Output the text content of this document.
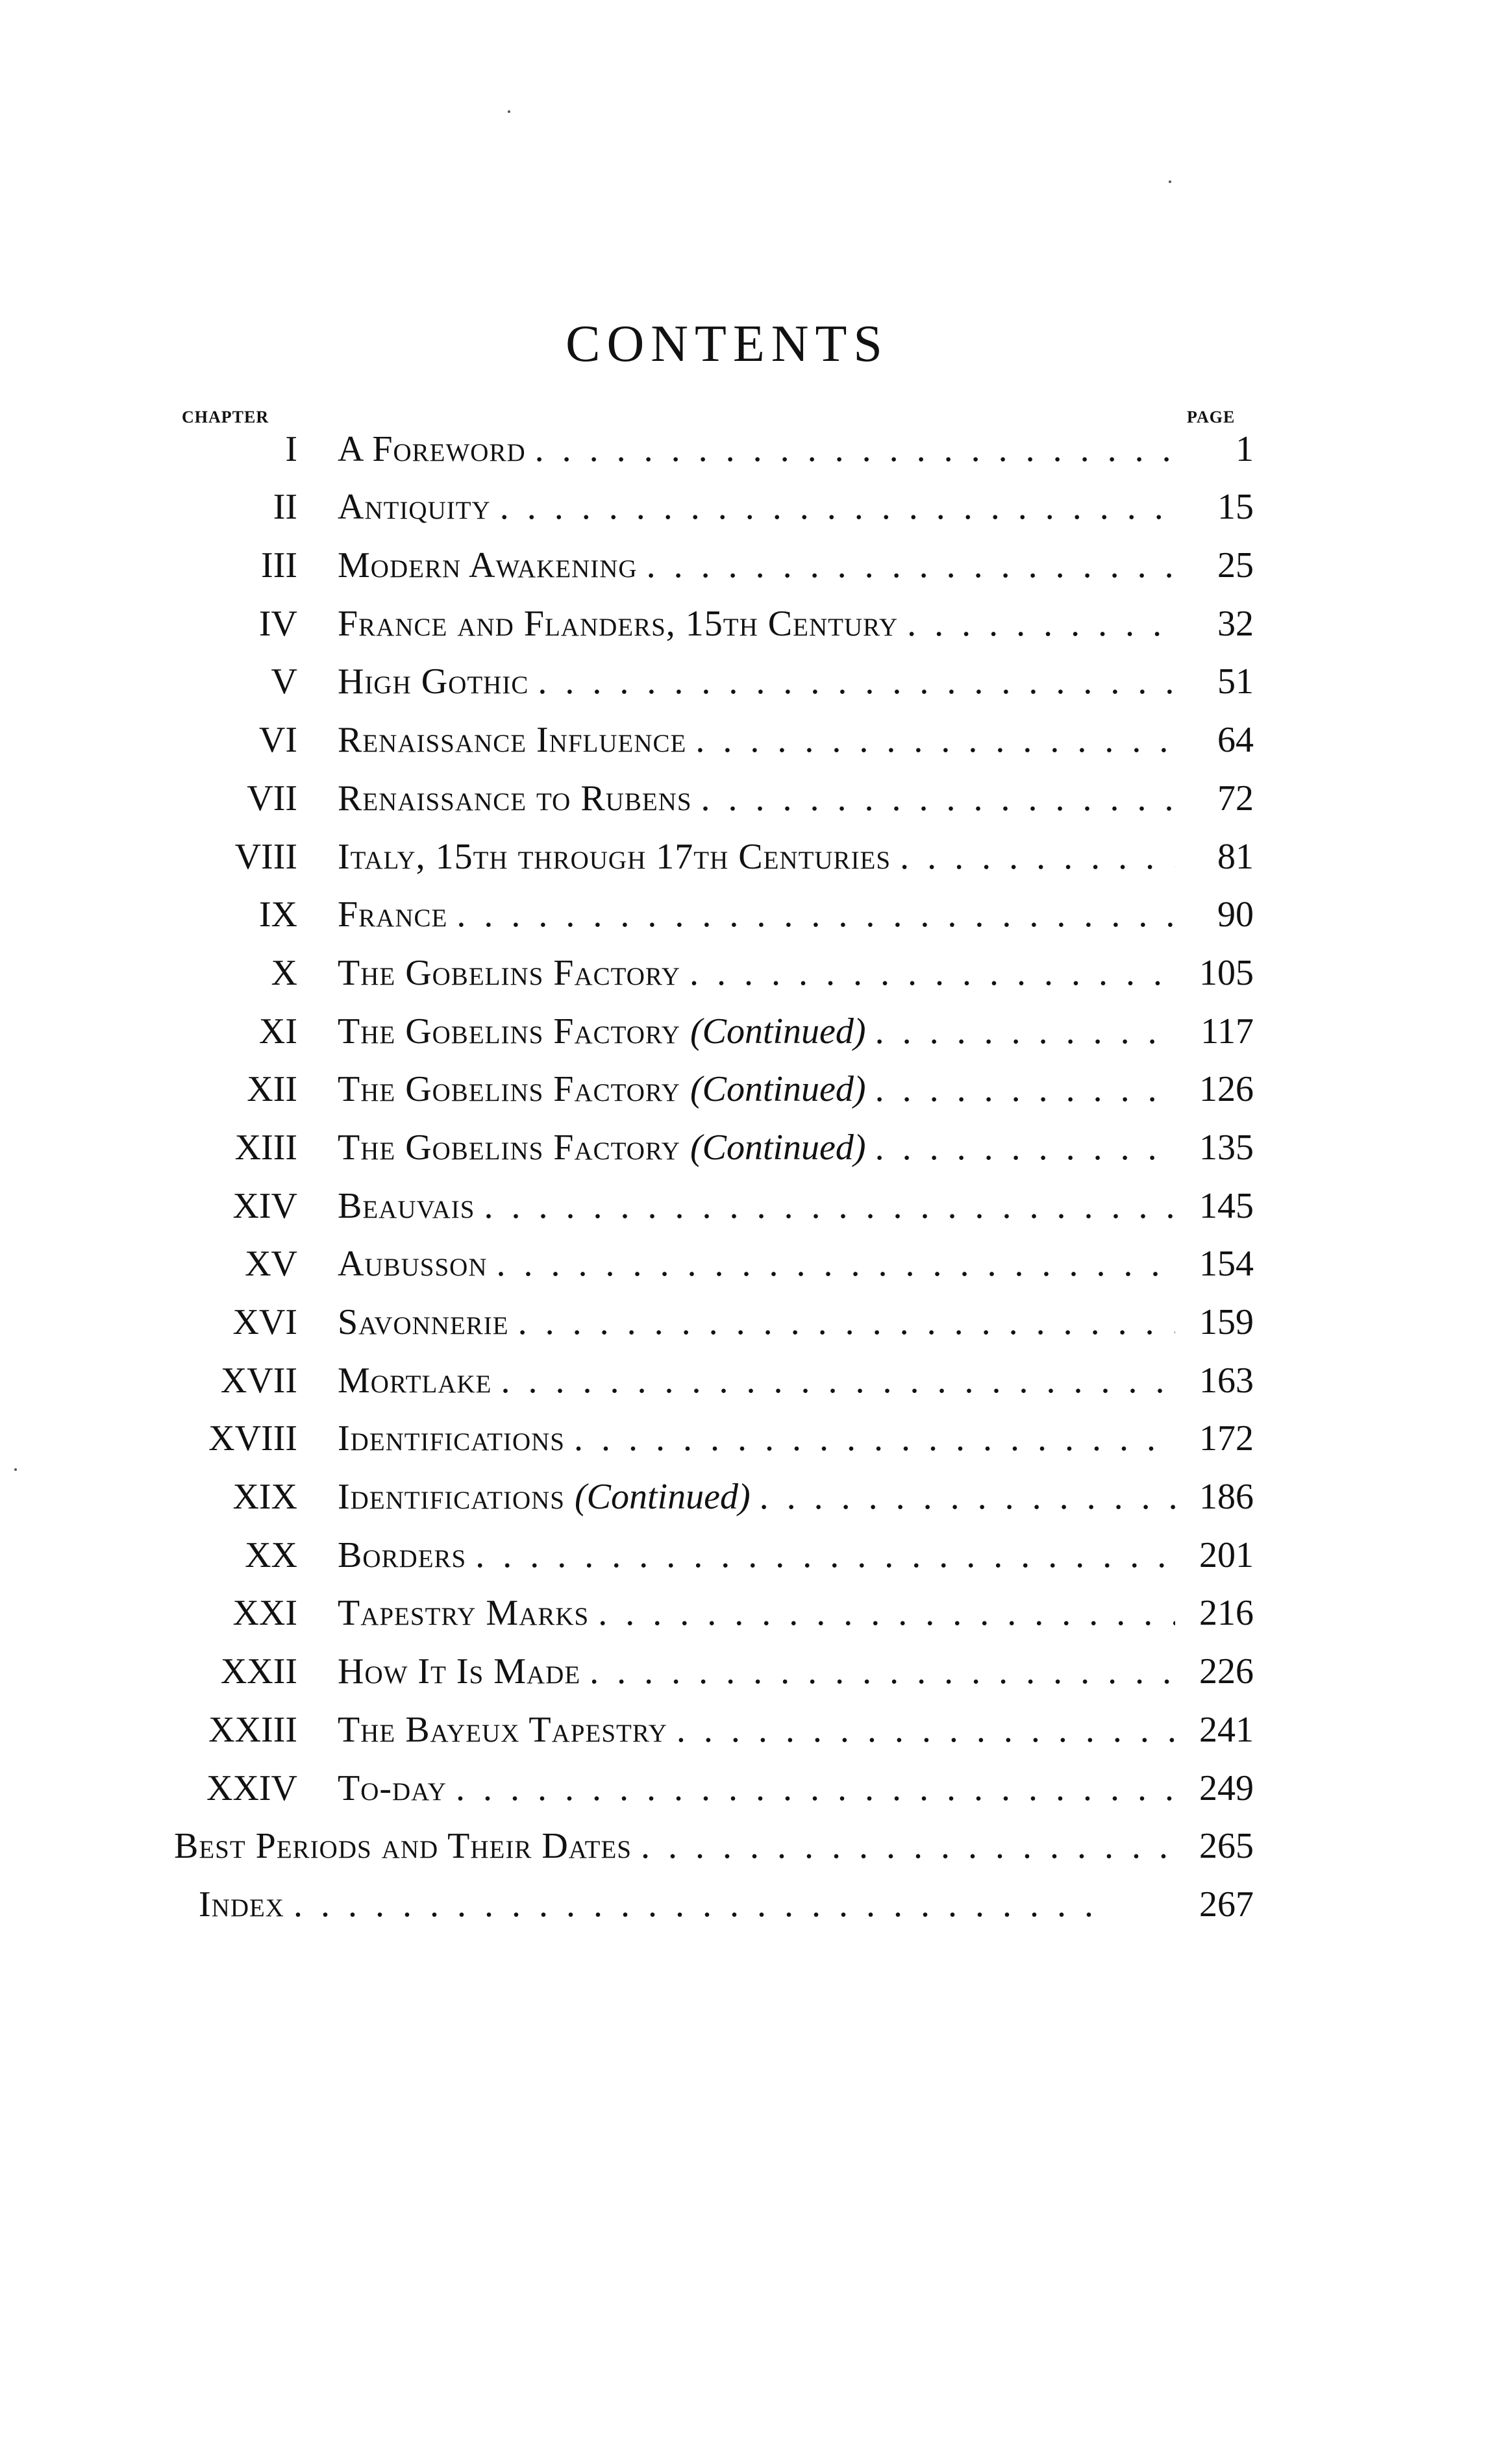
CONTENTS
CHAPTER	PAGE
I A Foreword . .	1
II Antiquity . .	15
III Modern Awakening . .	25
IV France and Flanders, 15th Century . .	32
V High Gothic . .	51
VI Renaissance Influence . .	64
VII Renaissance to Rubens . .	72
VIII Italy, 15th through 17th Centuries . .	81
IX France . .	90
X The Gobelins Factory . .	105
XI The Gobelins Factory (Continued) . .	117
XII The Gobelins Factory (Continued) . .	126
XIII The Gobelins Factory (Continued) . .	135
XIV Beauvais . .	145
XV Aubusson . .	154
XVI Savonnerie . .	159
XVII Mortlake . .	163
XVIII Identifications . .	172
XIX Identifications (Continued) . .	186
XX Borders . .	201
XXI Tapestry Marks . .	216
XXII How It Is Made . .	226
XXIII The Bayeux Tapestry . .	241
XXIV To-day . .	249
Best Periods and Their Dates . .	265
Index . .	267
